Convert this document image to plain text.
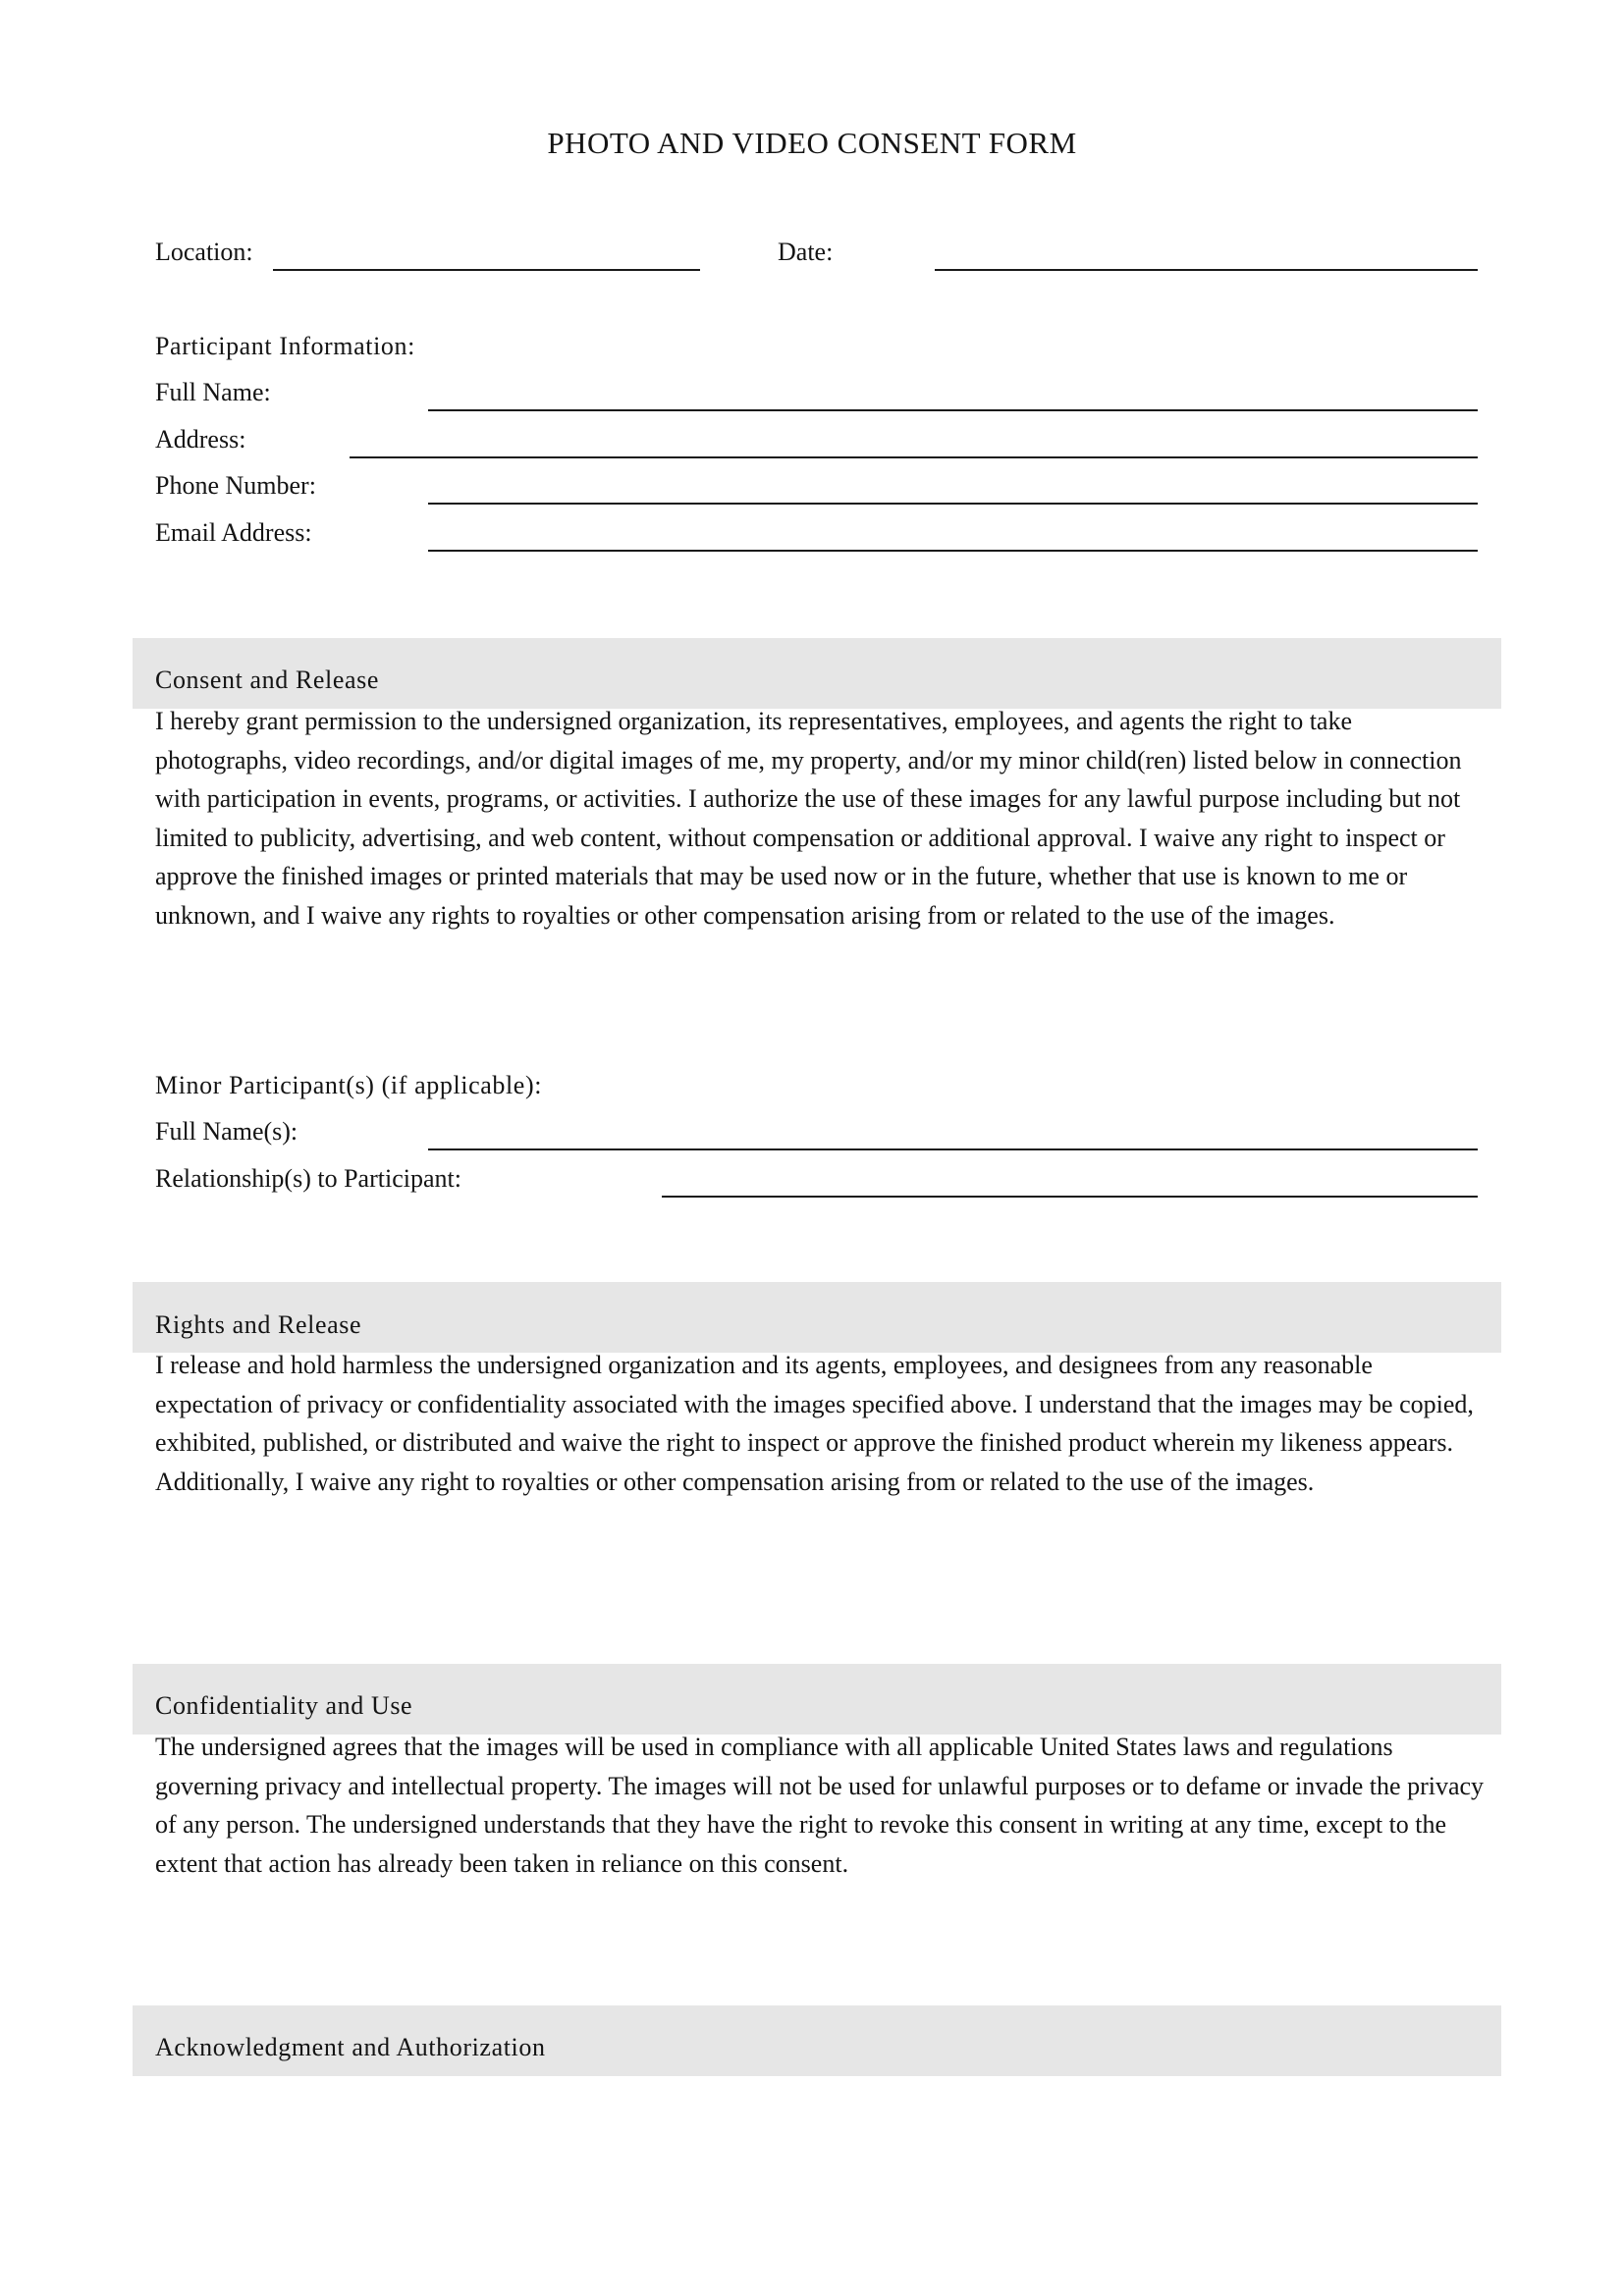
PHOTO AND VIDEO CONSENT FORM
Location:	Date:
Participant Information:
Full Name:
Address:
Phone Number:
Email Address:
Consent and Release

I hereby grant permission to the undersigned organization, its representatives, employees, and agents the right to take photographs, video recordings, and/or digital images of me, my property, and/or my minor child(ren) listed below in connection with participation in events, programs, or activities. I authorize the use of these images for any lawful purpose including but not limited to publicity, advertising, and web content, without compensation or additional approval. I waive any right to inspect or approve the finished images or printed materials that may be used now or in the future, whether that use is known to me or unknown, and I waive any rights to royalties or other compensation arising from or related to the use of the images.

Minor Participant(s) (if applicable):
Full Name(s):
Relationship(s) to Participant:
Rights and Release

I release and hold harmless the undersigned organization and its agents, employees, and designees from any reasonable expectation of privacy or confidentiality associated with the images specified above. I understand that the images may be copied, exhibited, published, or distributed and waive the right to inspect or approve the finished product wherein my likeness appears. Additionally, I waive any right to royalties or other compensation arising from or related to the use of the images.

Confidentiality and Use

The undersigned agrees that the images will be used in compliance with all applicable United States laws and regulations governing privacy and intellectual property. The images will not be used for unlawful purposes or to defame or invade the privacy of any person. The undersigned understands that they have the right to revoke this consent in writing at any time, except to the extent that action has already been taken in reliance on this consent.

Acknowledgment and Authorization
